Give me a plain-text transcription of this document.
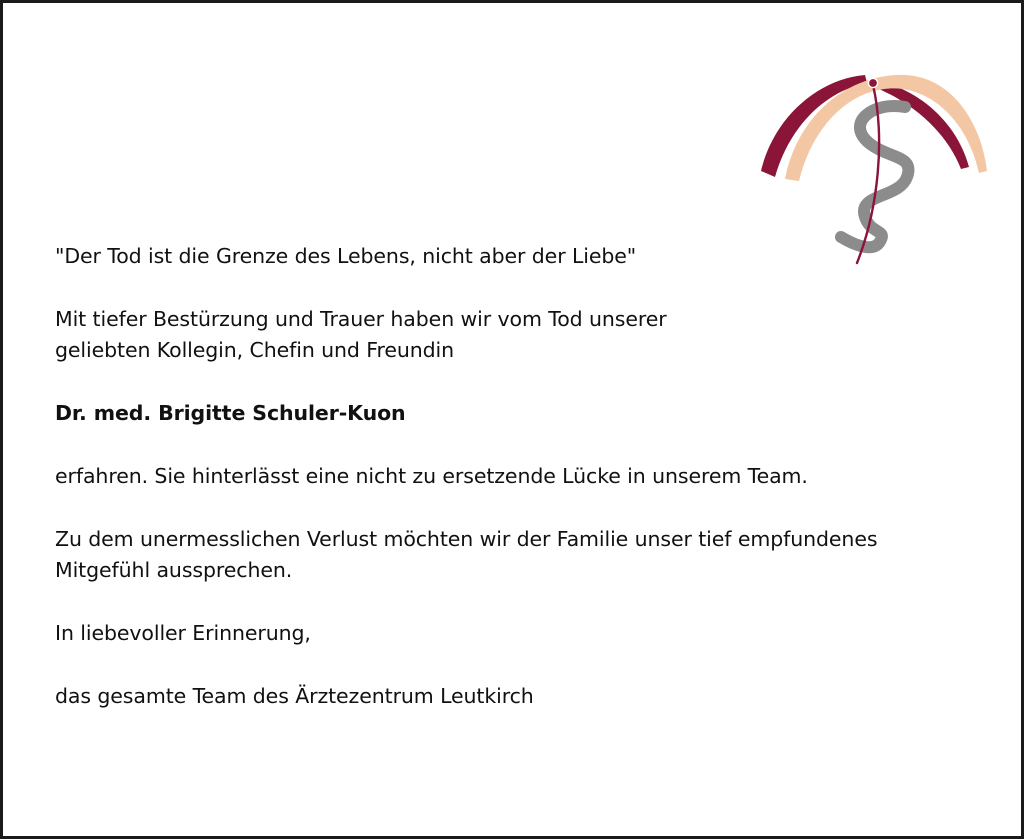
"Der Tod ist die Grenze des Lebens, nicht aber der Liebe"

Mit tiefer Bestürzung und Trauer haben wir vom Tod unserer

geliebten Kollegin, Chefin und Freundin

Dr. med. Brigitte Schuler-Kuon

erfahren. Sie hinterlässt eine nicht zu ersetzende Lücke in unserem Team.

Zu dem unermesslichen Verlust möchten wir der Familie unser tief empfundenes

Mitgefühl aussprechen.

In liebevoller Erinnerung,

das gesamte Team des Ärztezentrum Leutkirch
